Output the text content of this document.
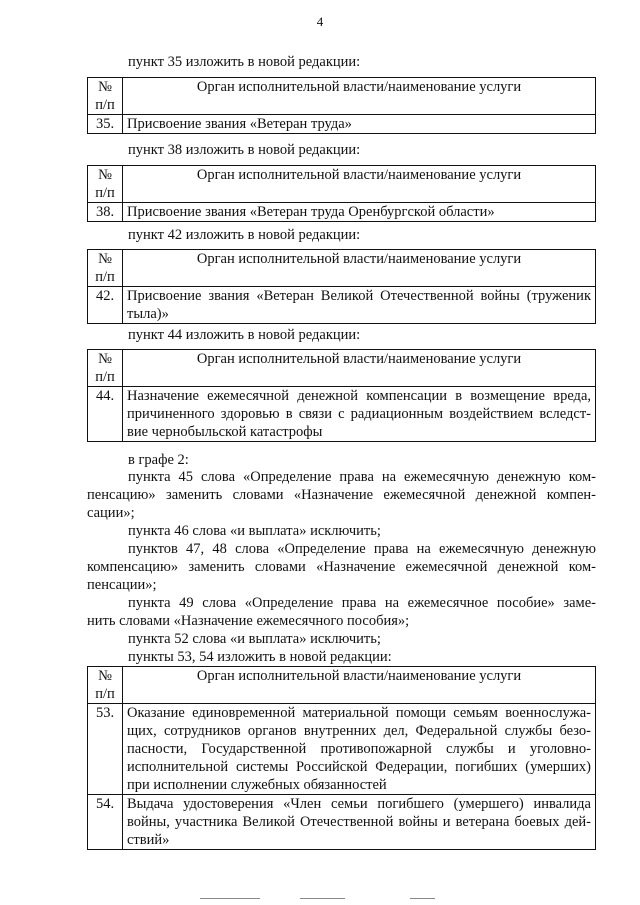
4
пункт 35 изложить в новой редакции:
№
п/п	Орган исполнительной власти/наименование услуги
35.	Присвоение звания «Ветеран труда»
пункт 38 изложить в новой редакции:
№
п/п	Орган исполнительной власти/наименование услуги
38.	Присвоение звания «Ветеран труда Оренбургской области»
пункт 42 изложить в новой редакции:
№
п/п	Орган исполнительной власти/наименование услуги
42.	Присвоение звания «Ветеран Великой Отечественной войны (труженик
тыла)»
пункт 44 изложить в новой редакции:
№
п/п	Орган исполнительной власти/наименование услуги
44.	Назначение ежемесячной денежной компенсации в возмещение вреда,
причиненного здоровью в связи с радиационным воздействием вследст-
вие чернобыльской катастрофы
в графе 2:
пункта 45 слова «Определение права на ежемесячную денежную ком-
пенсацию» заменить словами «Назначение ежемесячной денежной компен-
сации»;
пункта 46 слова «и выплата» исключить;
пунктов 47, 48 слова «Определение права на ежемесячную денежную
компенсацию» заменить словами «Назначение ежемесячной денежной ком-
пенсации»;
пункта 49 слова «Определение права на ежемесячное пособие» заме-
нить словами «Назначение ежемесячного пособия»;
пункта 52 слова «и выплата» исключить;
пункты 53, 54 изложить в новой редакции:
№
п/п	Орган исполнительной власти/наименование услуги
53.	Оказание единовременной материальной помощи семьям военнослужа-
щих, сотрудников органов внутренних дел, Федеральной службы безо-
пасности, Государственной противопожарной службы и уголовно-
исполнительной системы Российской Федерации, погибших (умерших)
при исполнении служебных обязанностей

54.	Выдача удостоверения «Член семьи погибшего (умершего) инвалида
войны, участника Великой Отечественной войны и ветерана боевых дей-
ствий»
